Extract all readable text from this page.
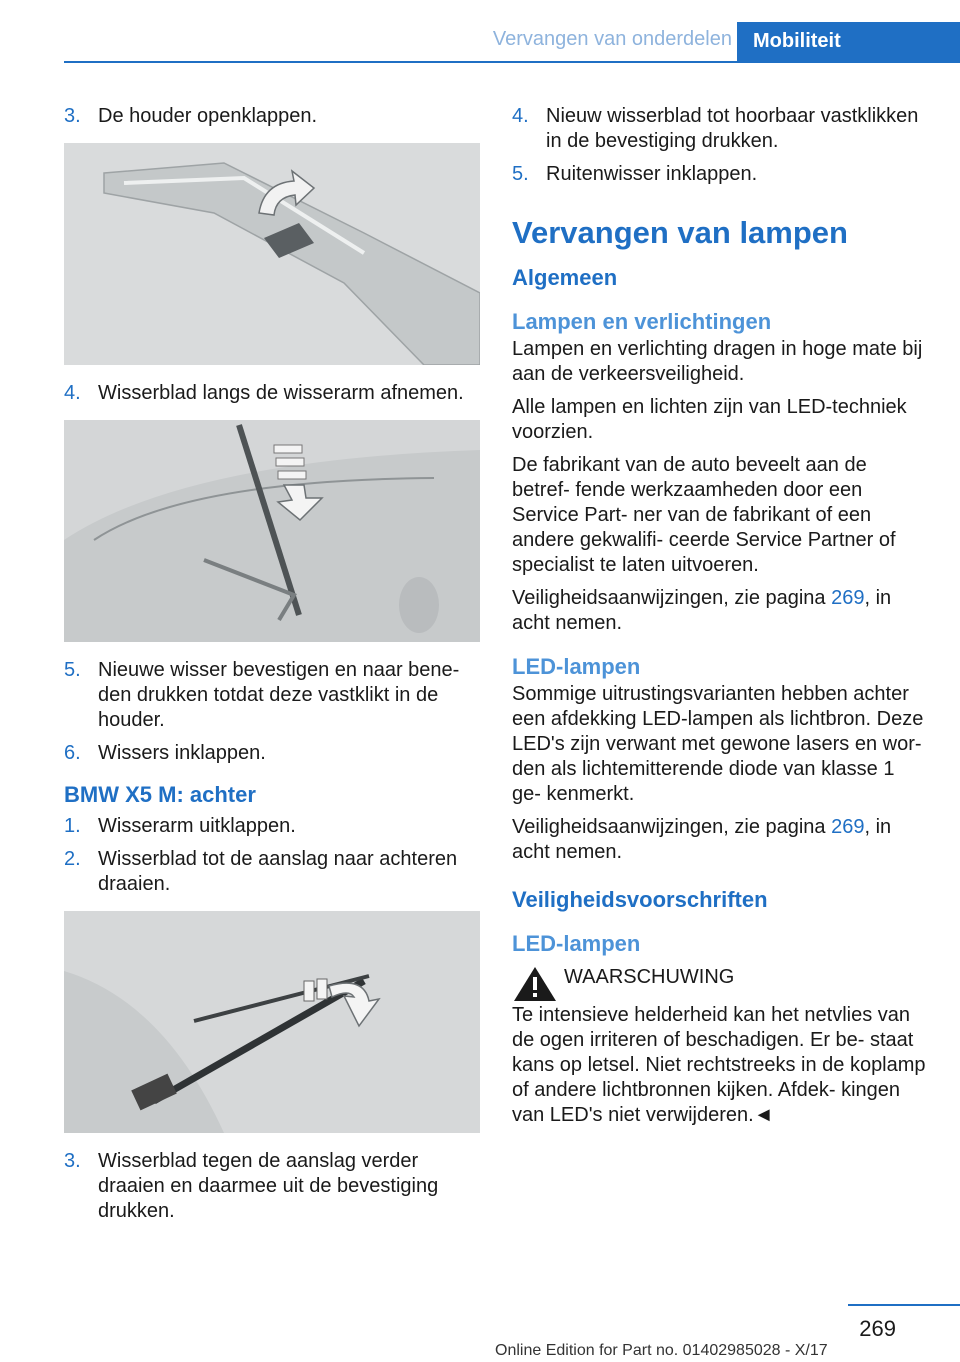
Vervangen van onderdelen	Mobiliteit
3. De houder openklappen.
4. Wisserblad langs de wisserarm afnemen.
5. Nieuwe wisser bevestigen en naar bene- den drukken totdat deze vastklikt in de houder.
6. Wissers inklappen.
BMW X5 M: achter
1. Wisserarm uitklappen.
2. Wisserblad tot de aanslag naar achteren draaien.
3. Wisserblad tegen de aanslag verder draaien en daarmee uit de bevestiging drukken.
4. Nieuw wisserblad tot hoorbaar vastklikken in de bevestiging drukken.
5. Ruitenwisser inklappen.
Vervangen van lampen
Algemeen
Lampen en verlichtingen

Lampen en verlichting dragen in hoge mate bij aan de verkeersveiligheid.

Alle lampen en lichten zijn van LED-techniek voorzien.

De fabrikant van de auto beveelt aan de betref- fende werkzaamheden door een Service Part- ner van de fabrikant of een andere gekwalifi- ceerde Service Partner of specialist te laten uitvoeren.

Veiligheidsaanwijzingen, zie pagina 269, in acht nemen.

LED-lampen

Sommige uitrustingsvarianten hebben achter een afdekking LED-lampen als lichtbron. Deze LED's zijn verwant met gewone lasers en wor- den als lichtemitterende diode van klasse 1 ge- kenmerkt.

Veiligheidsaanwijzingen, zie pagina 269, in acht nemen.

Veiligheidsvoorschriften
LED-lampen
WAARSCHUWING
Te intensieve helderheid kan het netvlies van de ogen irriteren of beschadigen. Er be- staat kans op letsel. Niet rechtstreeks in de koplamp of andere lichtbronnen kijken. Afdek- kingen van LED's niet verwijderen.◄
269
Online Edition for Part no. 01402985028 - X/17
